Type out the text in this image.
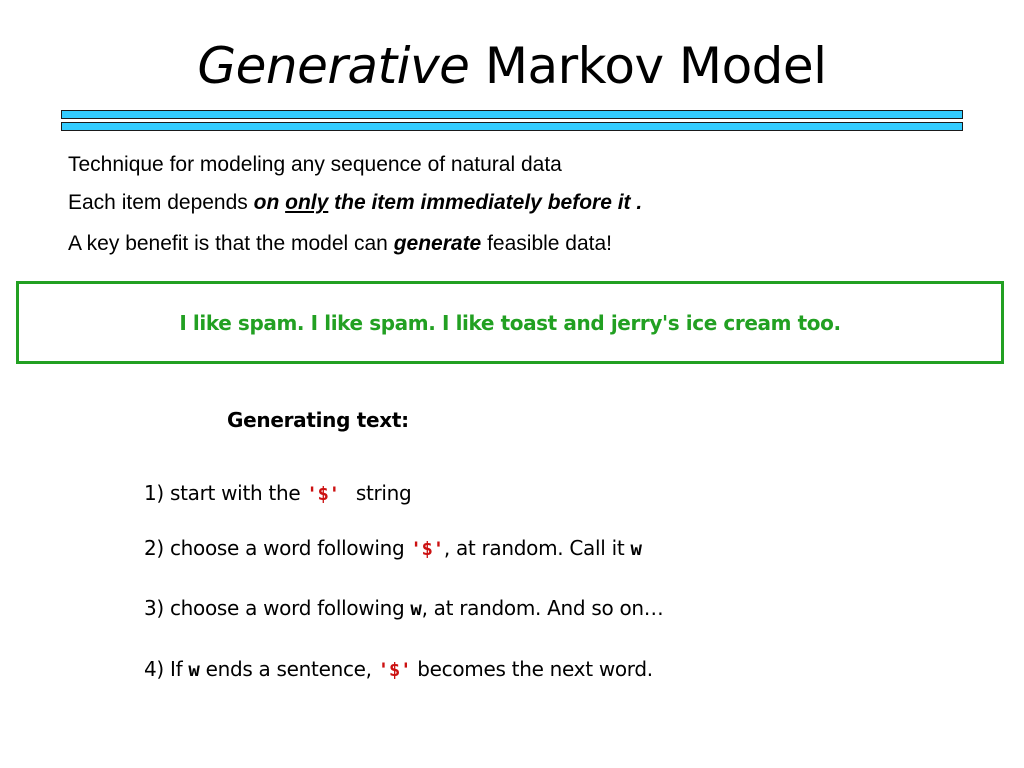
Generative Markov Model
Technique for modeling any sequence of natural data
Each item depends on only the item immediately before it .
A key benefit is that the model can generate feasible data!
I like spam. I like spam. I like toast and jerry's ice cream too.
Generating text:
1) start with the '$' string
2) choose a word following '$', at random. Call it w
3) choose a word following w, at random. And so on…
4) If w ends a sentence, '$' becomes the next word.
